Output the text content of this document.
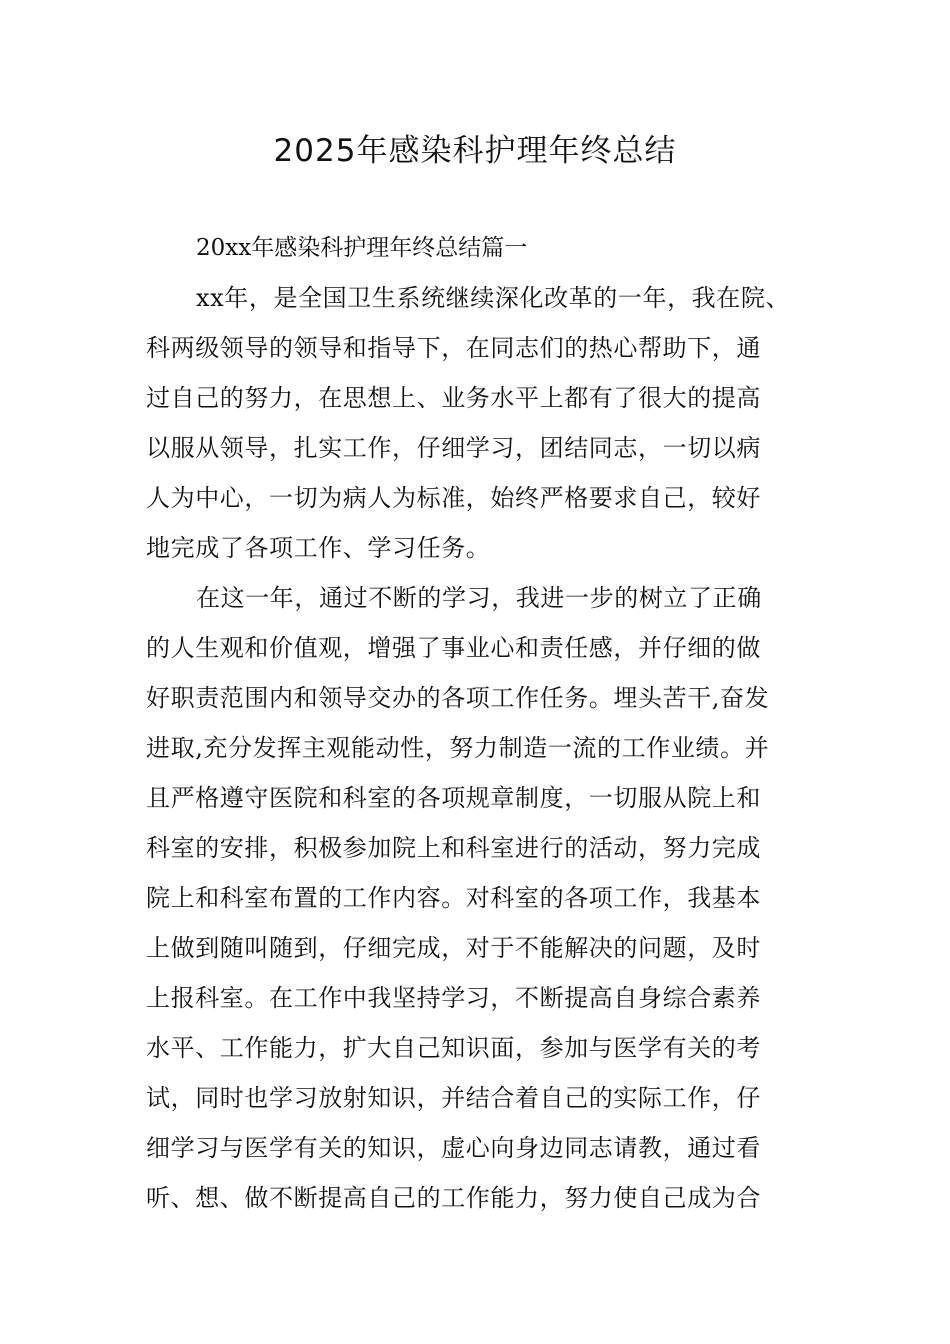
2025年感染科护理年终总结

20xx年感染科护理年终总结篇一

xx年，是全国卫生系统继续深化改革的一年，我在院、

科两级领导的领导和指导下，在同志们的热心帮助下，通

过自己的努力，在思想上、业务水平上都有了很大的提高

以服从领导，扎实工作，仔细学习，团结同志，一切以病

人为中心，一切为病人为标准，始终严格要求自己，较好

地完成了各项工作、学习任务。

在这一年，通过不断的学习，我进一步的树立了正确

的人生观和价值观，增强了事业心和责任感，并仔细的做

好职责范围内和领导交办的各项工作任务。埋头苦干,奋发

进取,充分发挥主观能动性，努力制造一流的工作业绩。并

且严格遵守医院和科室的各项规章制度，一切服从院上和

科室的安排，积极参加院上和科室进行的活动，努力完成

院上和科室布置的工作内容。对科室的各项工作，我基本

上做到随叫随到，仔细完成，对于不能解决的问题，及时

上报科室。在工作中我坚持学习，不断提高自身综合素养

水平、工作能力，扩大自己知识面，参加与医学有关的考

试，同时也学习放射知识，并结合着自己的实际工作，仔

细学习与医学有关的知识，虚心向身边同志请教，通过看

听、想、做不断提高自己的工作能力，努力使自己成为合
